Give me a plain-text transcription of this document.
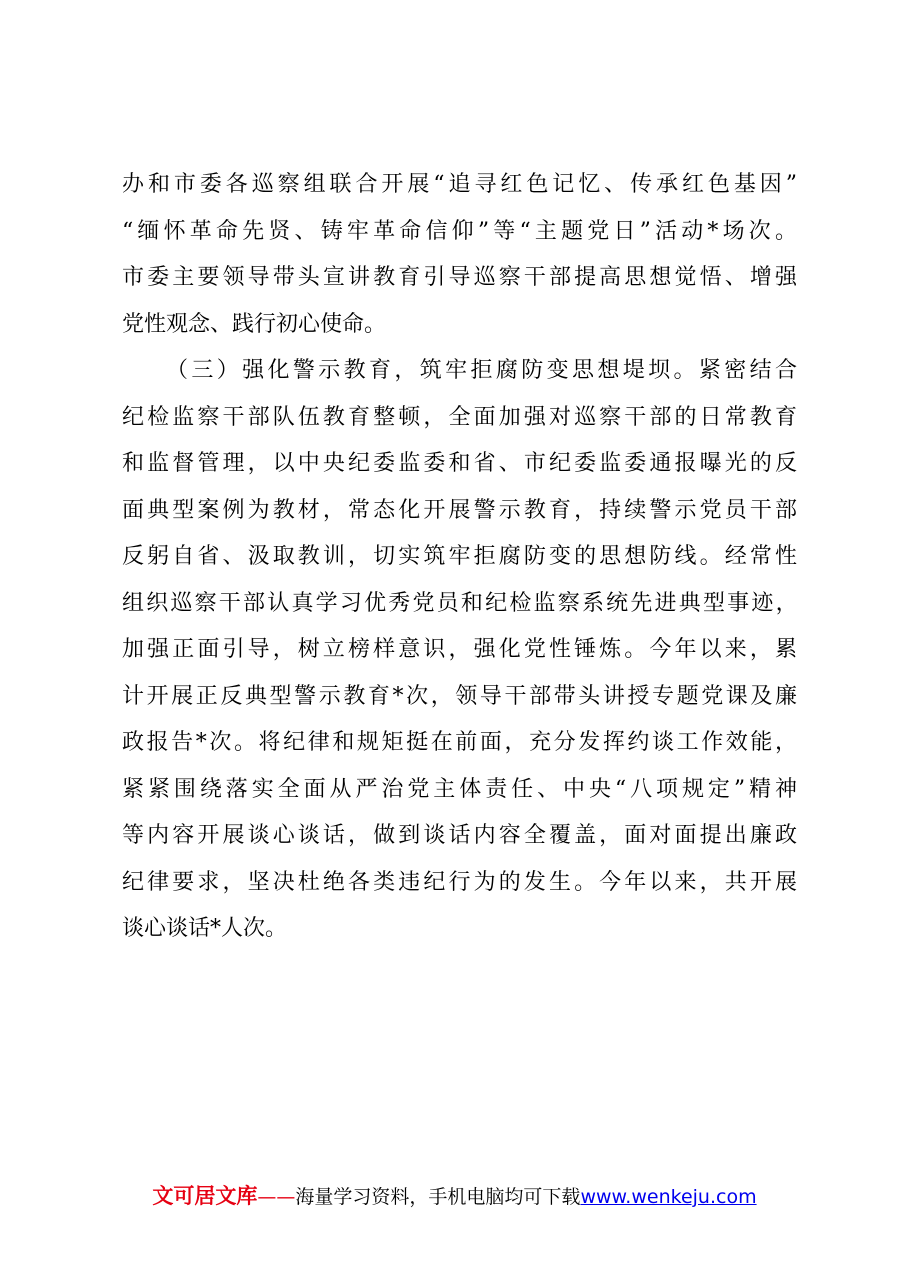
办和市委各巡察组联合开展“追寻红色记忆、传承红色基因”
“缅怀革命先贤、铸牢革命信仰”等“主题党日”活动*场次。
市委主要领导带头宣讲教育引导巡察干部提高思想觉悟、增强
党性观念、践行初心使命。
（三）强化警示教育，筑牢拒腐防变思想堤坝。紧密结合
纪检监察干部队伍教育整顿，全面加强对巡察干部的日常教育
和监督管理，以中央纪委监委和省、市纪委监委通报曝光的反
面典型案例为教材，常态化开展警示教育，持续警示党员干部
反躬自省、汲取教训，切实筑牢拒腐防变的思想防线。经常性
组织巡察干部认真学习优秀党员和纪检监察系统先进典型事迹，
加强正面引导，树立榜样意识，强化党性锤炼。今年以来，累
计开展正反典型警示教育*次，领导干部带头讲授专题党课及廉
政报告*次。将纪律和规矩挺在前面，充分发挥约谈工作效能，
紧紧围绕落实全面从严治党主体责任、中央“八项规定”精神
等内容开展谈心谈话，做到谈话内容全覆盖，面对面提出廉政
纪律要求，坚决杜绝各类违纪行为的发生。今年以来，共开展
谈心谈话*人次。
文可居文库——海量学习资料，手机电脑均可下载www.wenkeju.com
